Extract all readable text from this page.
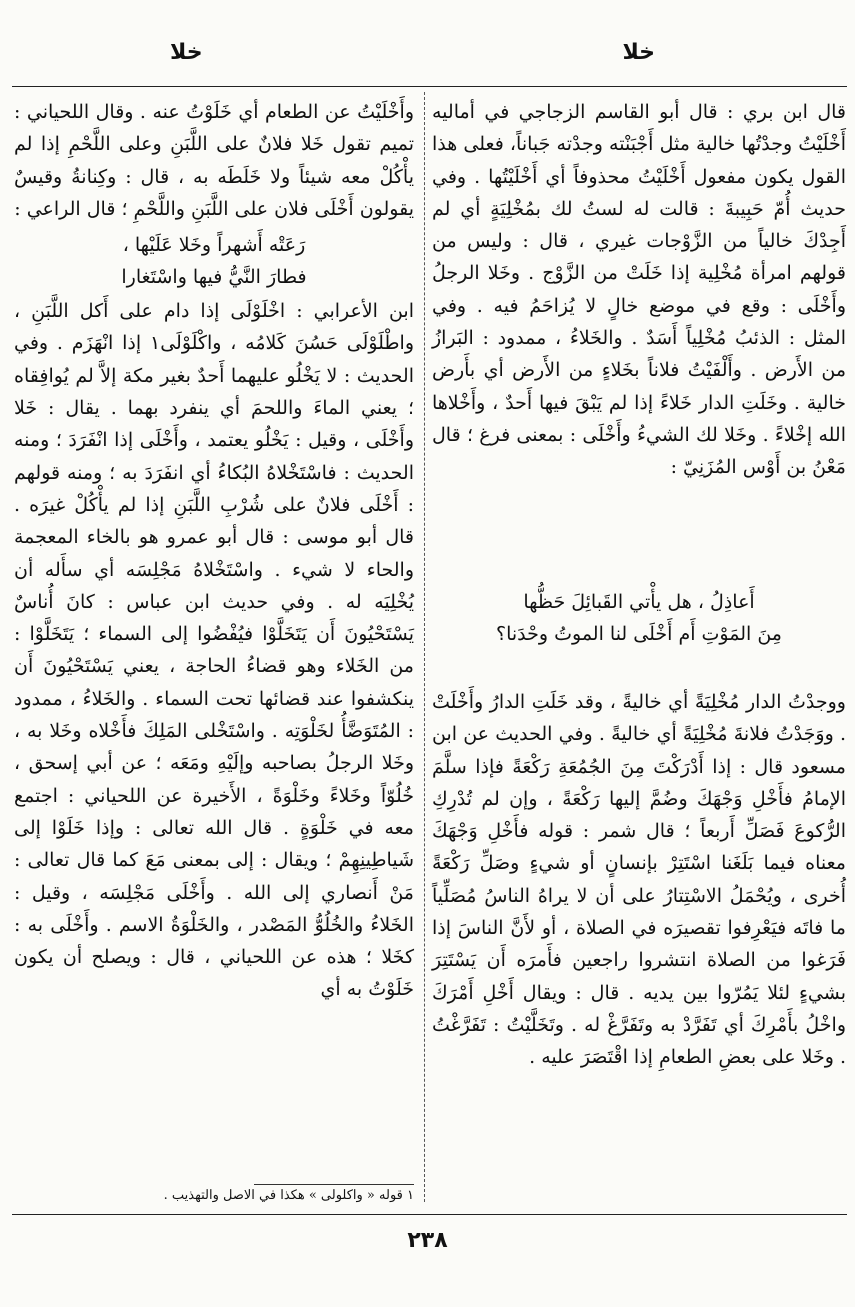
خلا
خلا

قال ابن بري : قال أبو القاسم الزجاجي في أماليه أَخْلَيْتُ وجدْتُها خالية مثل أَجْبَنْته وجدْته جَباناً، فعلى هذا القول يكون مفعول أَخْلَيْتُ محذوفاً أي أَخْلَيْتُها . وفي حديث أُمّ حَبِيبةَ : قالت له لستُ لك بمُخْلِيَةٍ أي لم أَجِدْكَ خالياً من الزَّوْجات غيري ، قال : وليس من قولهم امرأة مُخْلِية إذا خَلَتْ من الزَّوْج . وخَلا الرجلُ وأَخْلَى : وقع في موضع خالٍ لا يُزاحَمُ فيه . وفي المثل : الذئبُ مُخْلِياً أَسَدٌ . والخَلاءُ ، ممدود : البَرازُ من الأَرض . وأَلْفَيْتُ فلاناً بخَلاءٍ من الأَرض أي بأَرض خالية . وخَلَتِ الدار خَلاءً إذا لم يَبْقَ فيها أَحدٌ ، وأَخْلاها الله إخْلاءً . وخَلا لك الشيءُ وأَخْلَى : بمعنى فرغ ؛ قال مَعْنُ بن أَوْس المُزَنِيّ :

أَعاذِلُ ، هل يأْتي القَبائِلَ حَظُّها
مِنَ المَوْتِ أَم أَخْلَى لنا الموتُ وحْدَنا؟

ووجدْتُ الدار مُخْلِيَةً أي خاليةً ، وقد خَلَتِ الدارُ وأَخْلَتْ . ووَجَدْتُ فلانةَ مُخْلِيَةً أي خاليةً . وفي الحديث عن ابن مسعود قال : إذا أَدْرَكْتَ مِنَ الجُمُعَةِ رَكْعَةً فإذا سلَّمَ الإمامُ فأَخْلِ وَجْهَكَ وضُمَّ إليها رَكْعَةً ، وإن لم تُدْرِكِ الرُّكوعَ فَصَلِّ أَربعاً ؛ قال شمر : قوله فأَخْلِ وَجْهَكَ معناه فيما بَلَغَنا اسْتَتِرْ بإنسانٍ أو شيءٍ وصَلِّ رَكْعَةً أُخرى ، ويُحْمَلُ الاسْتِتارُ على أن لا يراهُ الناسُ مُصَلِّياً ما فاتَه فيَعْرِفوا تقصيرَه في الصلاة ، أو لأَنَّ الناسَ إذا فَرَغوا من الصلاة انتشروا راجعين فأَمرَه أَن يَسْتَتِرَ بشيءٍ لئلا يَمُرّوا بين يديه . قال : ويقال أَخْلِ أَمْرَكَ واخْلُ بأَمْرِكَ أي تَفَرَّدْ به وتَفَرَّغْ له . وتَخَلَّيْتُ : تَفَرَّغْتُ . وخَلا على بعضِ الطعامِ إذا اقْتَصَرَ عليه .

وأَخْلَيْتُ عن الطعام أي خَلَوْتُ عنه . وقال اللحياني : تميم تقول خَلا فلانٌ على اللَّبَنِ وعلى اللَّحْمِ إذا لم يأْكُلْ معه شيئاً ولا خَلَطَه به ، قال : وكِنانةُ وقيسٌ يقولون أَخْلَى فلان على اللَّبَنِ واللَّحْمِ ؛ قال الراعي :

رَعَتْه أَشهراً وخَلا عَلَيْها ،
فطارَ النَّيُّ فيها واسْتَغارا

ابن الأعرابي : اخْلَوْلَى إذا دام على أَكل اللَّبَنِ ، واطْلَوْلَى حَسُنَ كَلامُه ، واكْلَوْلَى١ إذا انْهَزَم . وفي الحديث : لا يَخْلُو عليهما أَحدٌ بغير مكة إلاَّ لم يُوافِقاه ؛ يعني الماءَ واللحمَ أي ينفرد بهما . يقال : خَلا وأَخْلَى ، وقيل : يَخْلُو يعتمد ، وأَخْلَى إذا انْفَرَدَ ؛ ومنه الحديث : فاسْتَخْلاهُ البُكاءُ أي انفَرَدَ به ؛ ومنه قولهم : أَخْلَى فلانٌ على شُرْبِ اللَّبَنِ إذا لم يأْكُلْ غيرَه . قال أبو موسى : قال أبو عمرو هو بالخاء المعجمة والحاء لا شيء . واسْتَخْلاهُ مَجْلِسَه أي سأَله أن يُخْلِيَه له . وفي حديث ابن عباس : كانَ أُناسٌ يَسْتَحْيُونَ أَن يَتَخَلَّوْا فيُفْضُوا إلى السماء ؛ يَتَخَلَّوْا : من الخَلاء وهو قضاءُ الحاجة ، يعني يَسْتَحْيُونَ أَن ينكشفوا عند قضائها تحت السماء . والخَلاءُ ، ممدود : المُتَوَضَّأُ لخَلْوَتِه . واسْتَخْلى المَلِكَ فأَخْلاه وخَلا به ، وخَلا الرجلُ بصاحبه وإلَيْهِ ومَعَه ؛ عن أبي إسحق ، خُلُوّاً وخَلاءً وخَلْوَةً ، الأَخيرة عن اللحياني : اجتمع معه في خَلْوَةٍ . قال الله تعالى : وإذا خَلَوْا إلى شَياطِينِهِمْ ؛ ويقال : إلى بمعنى مَعَ كما قال تعالى : مَنْ أَنصاري إلى الله . وأَخْلَى مَجْلِسَه ، وقيل : الخَلاءُ والخُلُوُّ المَصْدر ، والخَلْوَةُ الاسم . وأَخْلَى به : كخَلا ؛ هذه عن اللحياني ، قال : ويصلح أن يكون خَلَوْتُ به أي

١ قوله « واكلولى » هكذا في الاصل والتهذيب .
٢٣٨
